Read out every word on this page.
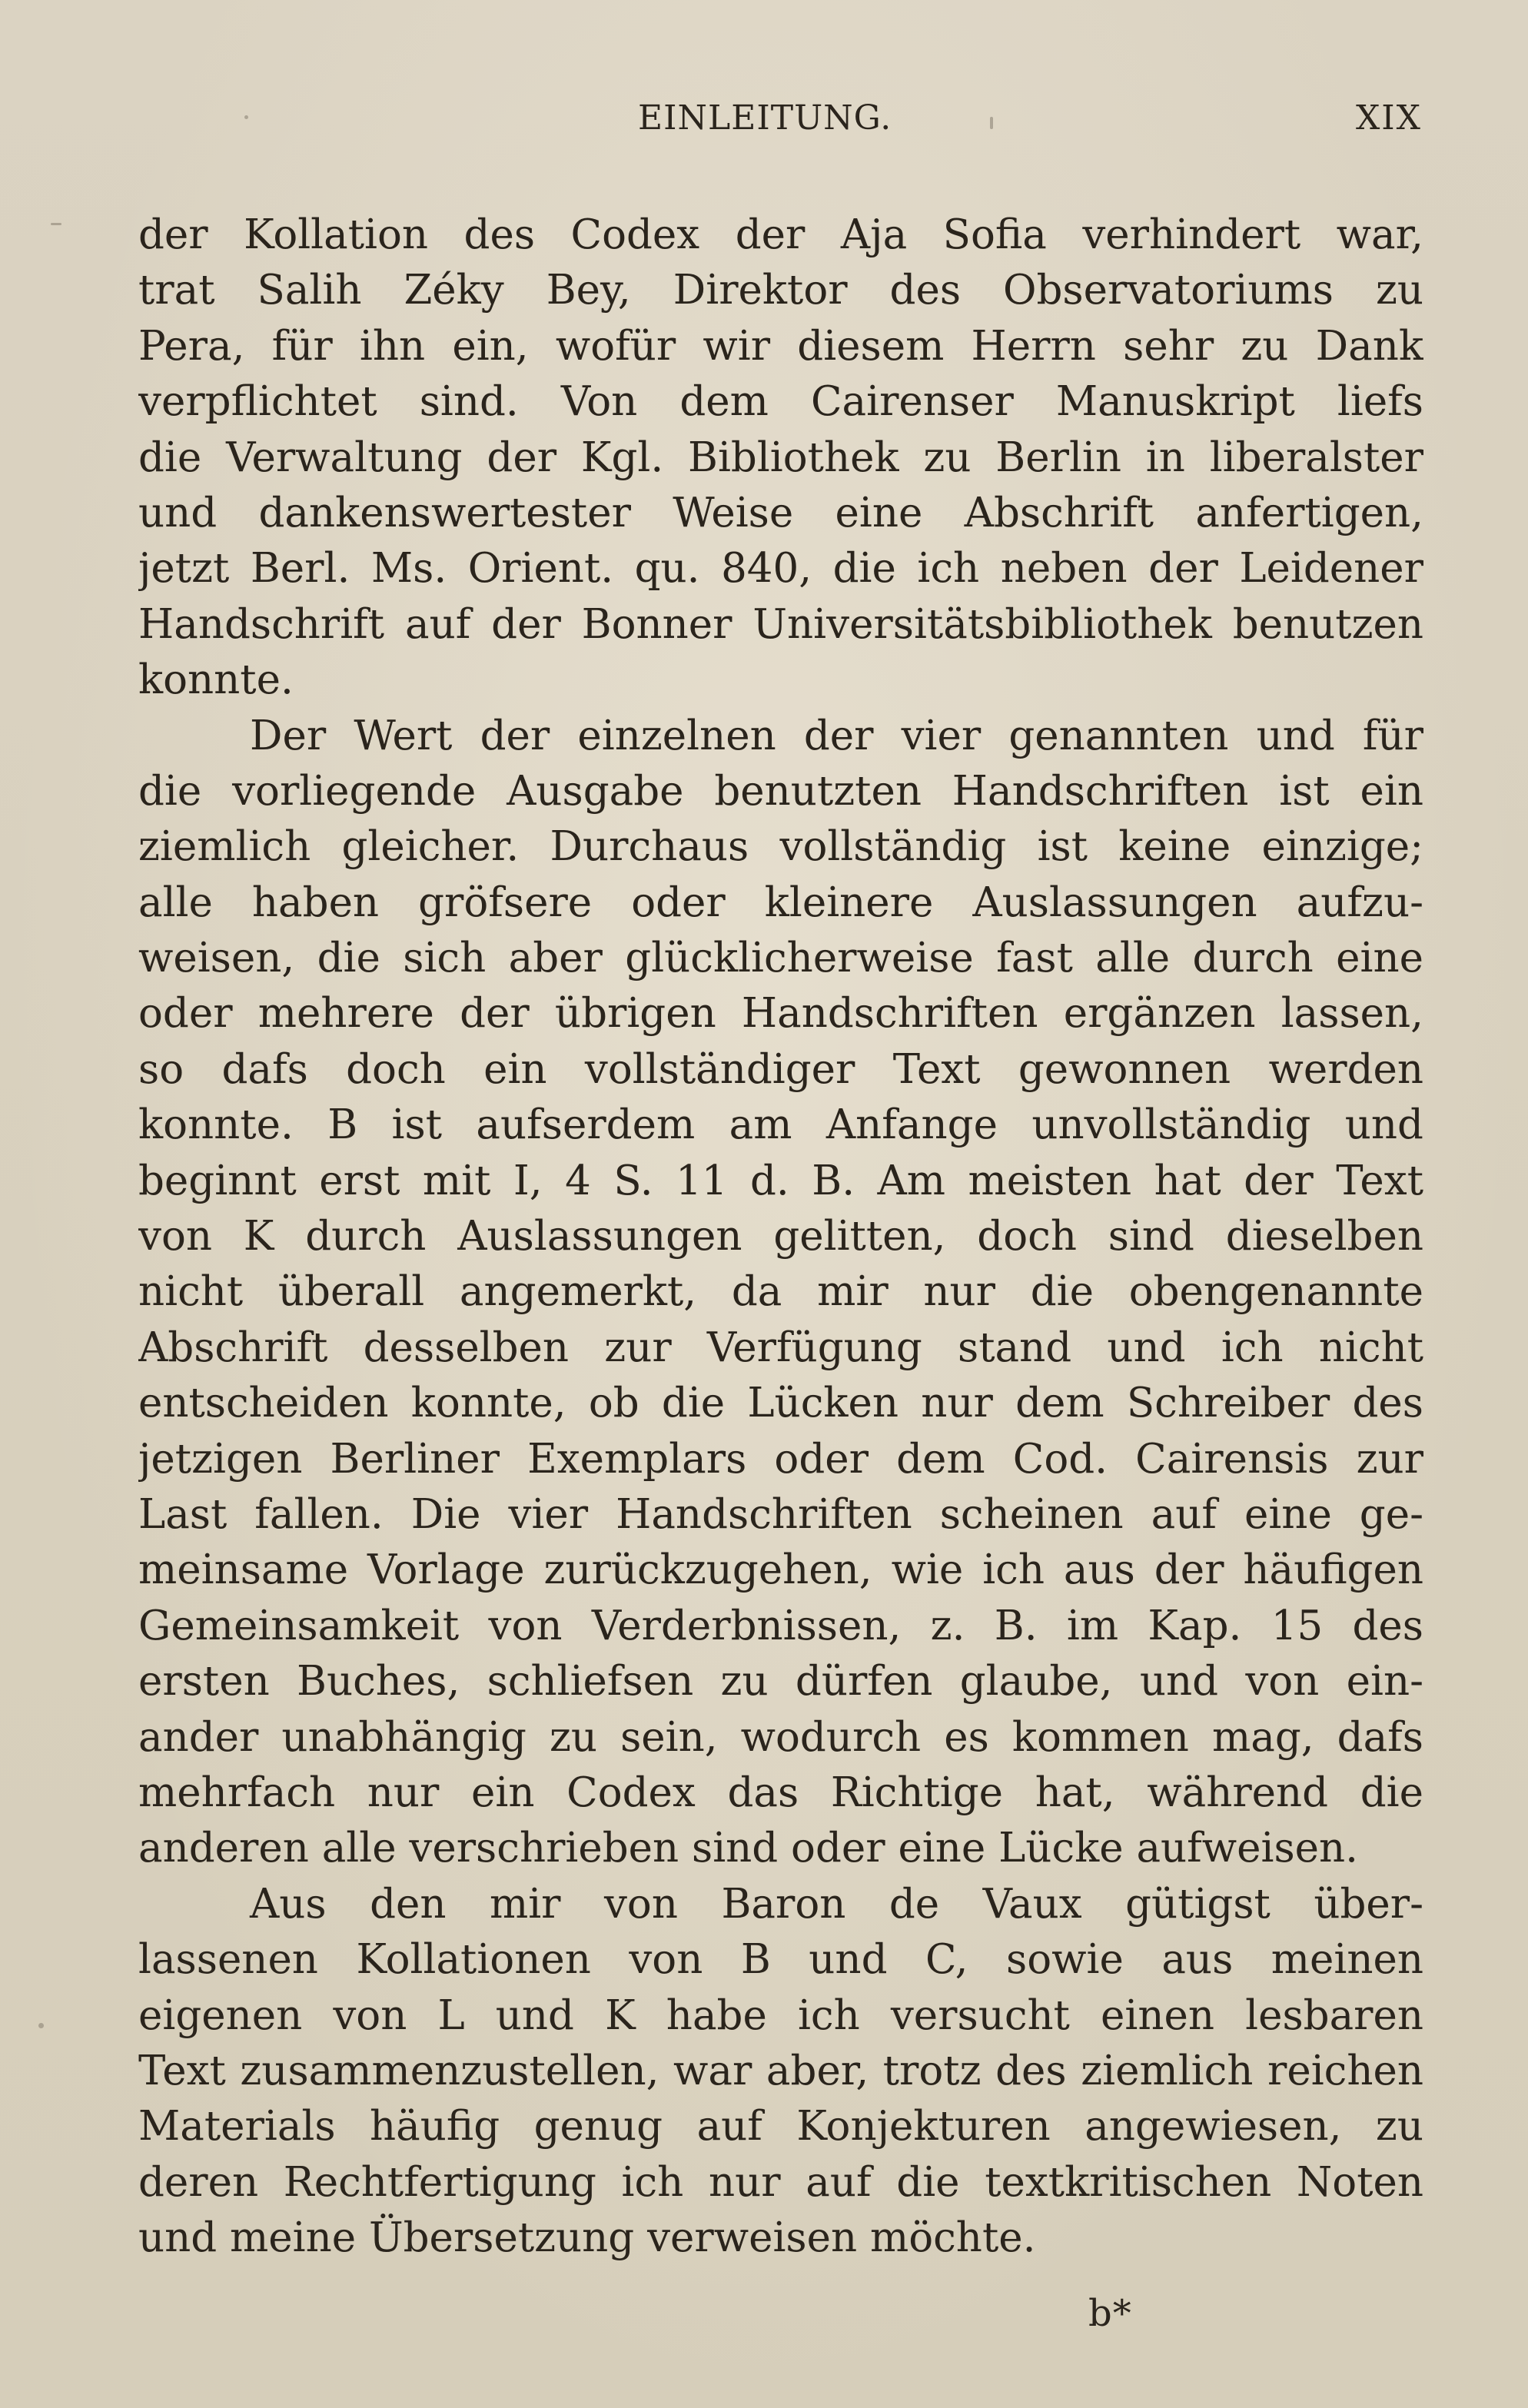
EINLEITUNG.	XIX
der Kollation des Codex der Aja Sofia verhindert war,
trat Salih Zéky Bey, Direktor des Observatoriums zu
Pera, für ihn ein, wofür wir diesem Herrn sehr zu Dank
verpflichtet sind. Von dem Cairenser Manuskript liefs
die Verwaltung der Kgl. Bibliothek zu Berlin in liberalster
und dankenswertester Weise eine Abschrift anfertigen,
jetzt Berl. Ms. Orient. qu. 840, die ich neben der Leidener
Handschrift auf der Bonner Universitätsbibliothek benutzen
konnte.
Der Wert der einzelnen der vier genannten und für
die vorliegende Ausgabe benutzten Handschriften ist ein
ziemlich gleicher. Durchaus vollständig ist keine einzige;
alle haben gröfsere oder kleinere Auslassungen aufzu-
weisen, die sich aber glücklicherweise fast alle durch eine
oder mehrere der übrigen Handschriften ergänzen lassen,
so dafs doch ein vollständiger Text gewonnen werden
konnte. B ist aufserdem am Anfange unvollständig und
beginnt erst mit I, 4 S. 11 d. B. Am meisten hat der Text
von K durch Auslassungen gelitten, doch sind dieselben
nicht überall angemerkt, da mir nur die obengenannte
Abschrift desselben zur Verfügung stand und ich nicht
entscheiden konnte, ob die Lücken nur dem Schreiber des
jetzigen Berliner Exemplars oder dem Cod. Cairensis zur
Last fallen. Die vier Handschriften scheinen auf eine ge-
meinsame Vorlage zurückzugehen, wie ich aus der häufigen
Gemeinsamkeit von Verderbnissen, z. B. im Kap. 15 des
ersten Buches, schliefsen zu dürfen glaube, und von ein-
ander unabhängig zu sein, wodurch es kommen mag, dafs
mehrfach nur ein Codex das Richtige hat, während die
anderen alle verschrieben sind oder eine Lücke aufweisen.
Aus den mir von Baron de Vaux gütigst über-
lassenen Kollationen von B und C, sowie aus meinen
eigenen von L und K habe ich versucht einen lesbaren
Text zusammenzustellen, war aber, trotz des ziemlich reichen
Materials häufig genug auf Konjekturen angewiesen, zu
deren Rechtfertigung ich nur auf die textkritischen Noten
und meine Übersetzung verweisen möchte.
b*
